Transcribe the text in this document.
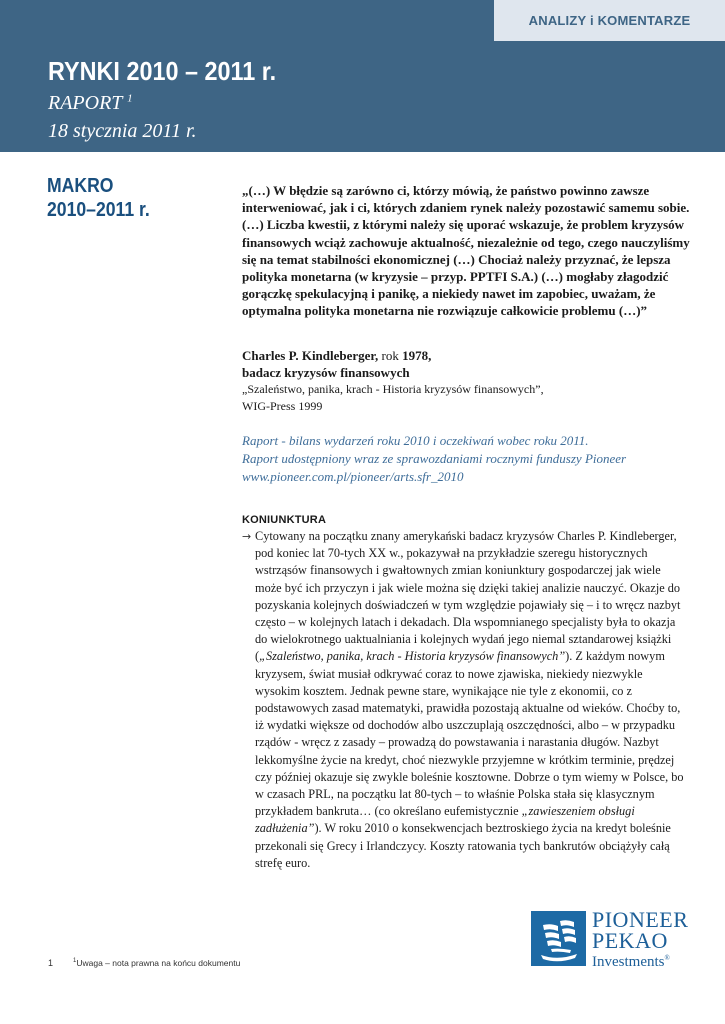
ANALIZY i KOMENTARZE
RYNKI 2010 – 2011 r.
RAPORT $^1$
18 stycznia 2011 r.
MAKRO
2010–2011 r.

„(…) W błędzie są zarówno ci, którzy mówią, że państwo powinno zawsze interweniować, jak i ci, których zdaniem rynek należy pozostawić samemu sobie. (…) Liczba kwestii, z którymi należy się uporać wskazuje, że problem kryzysów finansowych wciąż zachowuje aktualność, niezależnie od tego, czego nauczyliśmy się na temat stabilności ekonomicznej (…) Chociaż należy przyznać, że lepsza polityka monetarna (w kryzysie – przyp. PPTFI S.A.) (…) mogłaby złagodzić gorączkę spekulacyjną i panikę, a niekiedy nawet im zapobiec, uważam, że optymalna polityka monetarna nie rozwiązuje całkowicie problemu (…)”

Charles P. Kindleberger, rok 1978,
badacz kryzysów finansowych
„Szaleństwo, panika, krach - Historia kryzysów finansowych”,
WIG-Press 1999
Raport - bilans wydarzeń roku 2010 i oczekiwań wobec roku 2011.
Raport udostępniony wraz ze sprawozdaniami rocznymi funduszy Pioneer
www.pioneer.com.pl/pioneer/arts.sfr_2010
KONIUNKTURA
→ Cytowany na początku znany amerykański badacz kryzysów Charles P. Kindleberger, pod koniec lat 70-tych XX w., pokazywał na przykładzie szeregu historycznych wstrząsów finansowych i gwałtownych zmian koniunktury gospodarczej jak wiele może być ich przyczyn i jak wiele można się dzięki takiej analizie nauczyć. Okazje do pozyskania kolejnych doświadczeń w tym względzie pojawiały się – i to wręcz nazbyt często – w kolejnych latach i dekadach. Dla wspomnianego specjalisty była to okazja do wielokrotnego uaktualniania i kolejnych wydań jego niemal sztandarowej książki („Szaleństwo, panika, krach - Historia kryzysów finansowych”). Z każdym nowym kryzysem, świat musiał odkrywać coraz to nowe zjawiska, niekiedy niezwykle wysokim kosztem. Jednak pewne stare, wynikające nie tyle z ekonomii, co z podstawowych zasad matematyki, prawidła pozostają aktualne od wieków. Choćby to, iż wydatki większe od dochodów albo uszczuplają oszczędności, albo – w przypadku rządów - wręcz z zasady – prowadzą do powstawania i narastania długów. Nazbyt lekkomyślne życie na kredyt, choć niezwykle przyjemne w krótkim terminie, prędzej czy później okazuje się zwykle boleśnie kosztowne. Dobrze o tym wiemy w Polsce, bo w czasach PRL, na początku lat 80-tych – to właśnie Polska stała się klasycznym przykładem bankruta… (co określano eufemistycznie „zawieszeniem obsługi zadłużenia”). W roku 2010 o konsekwencjach beztroskiego życia na kredyt boleśnie przekonali się Grecy i Irlandczycy. Koszty ratowania tych bankrutów obciążyły całą strefę euro.

PIONEER
PEKAO
Investments®
1	$^1$Uwaga – nota prawna na końcu dokumentu
